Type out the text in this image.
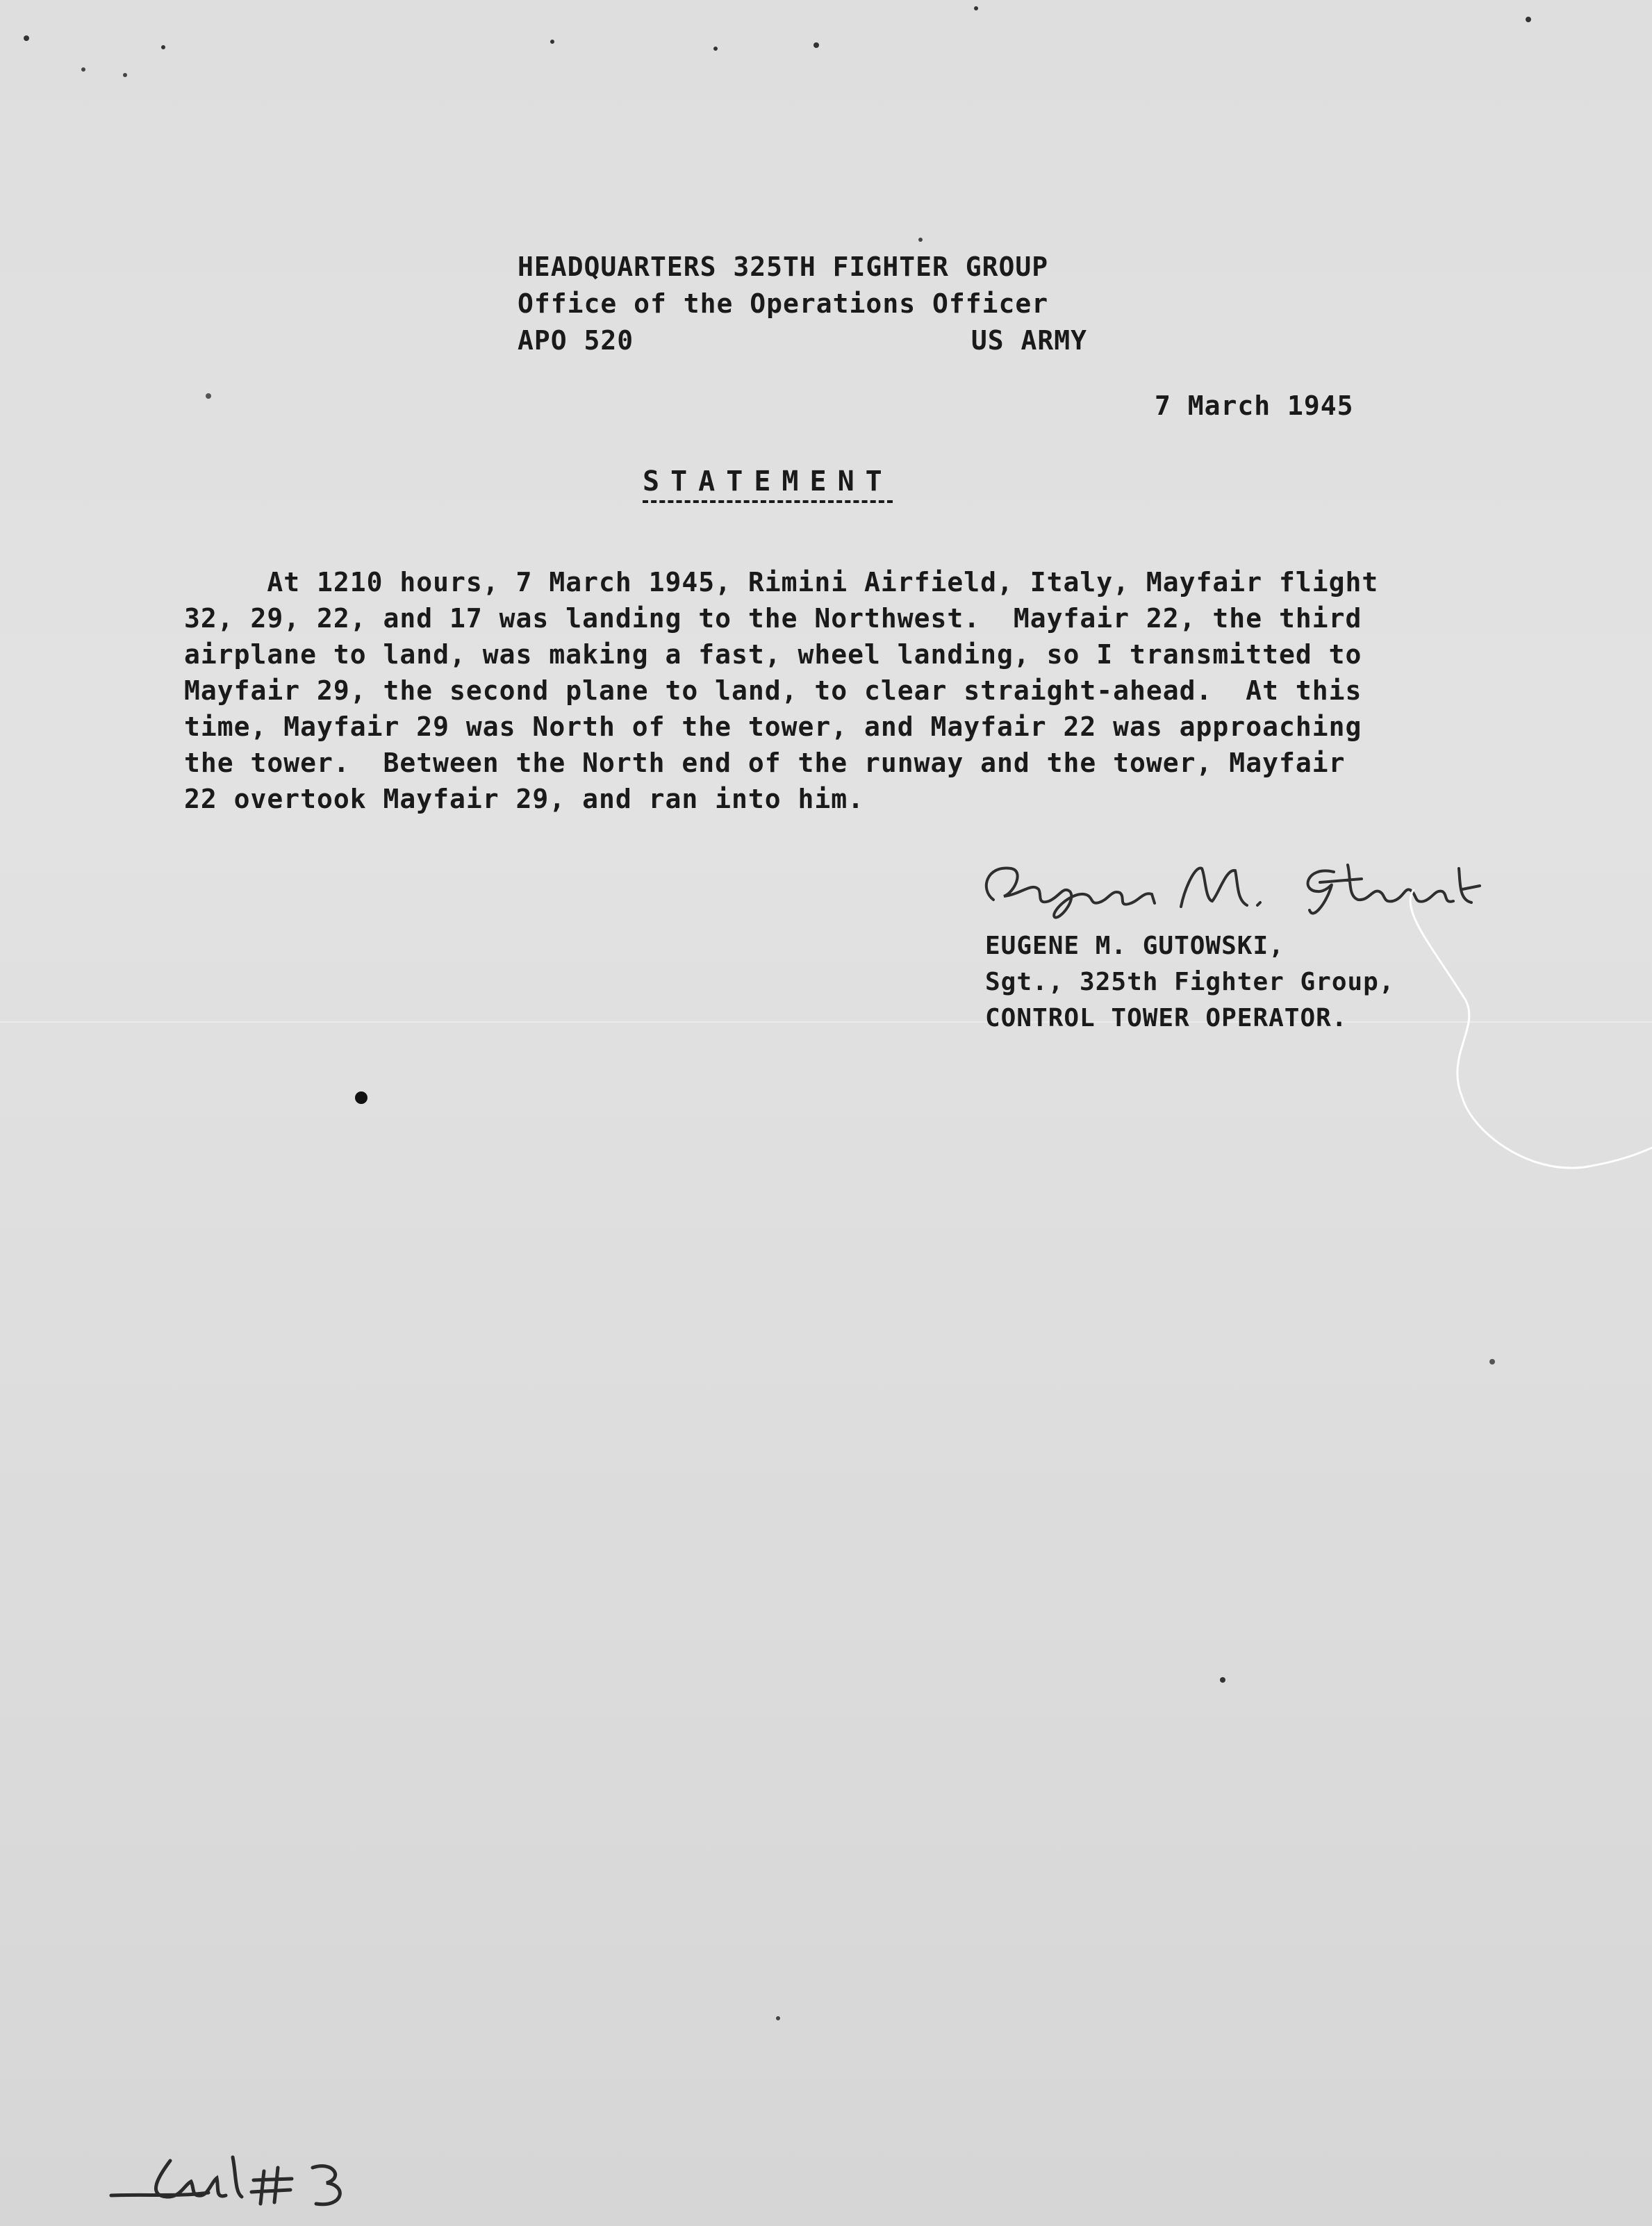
HEADQUARTERS 325TH FIGHTER GROUP
Office of the Operations Officer
APO 520	US ARMY
7 March 1945
STATEMENT
At 1210 hours, 7 March 1945, Rimini Airfield, Italy, Mayfair flight
32, 29, 22, and 17 was landing to the Northwest.  Mayfair 22, the third
airplane to land, was making a fast, wheel landing, so I transmitted to
Mayfair 29, the second plane to land, to clear straight-ahead.  At this
time, Mayfair 29 was North of the tower, and Mayfair 22 was approaching
the tower.  Between the North end of the runway and the tower, Mayfair
22 overtook Mayfair 29, and ran into him.
EUGENE M. GUTOWSKI,
Sgt., 325th Fighter Group,
CONTROL TOWER OPERATOR.
